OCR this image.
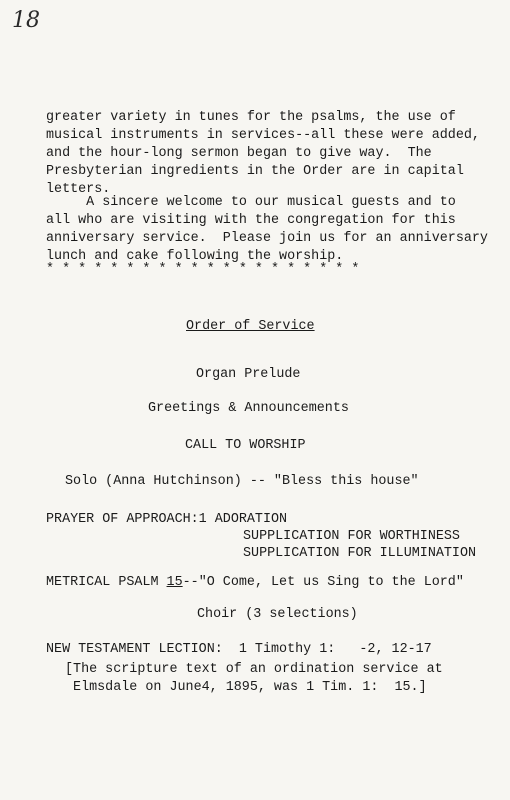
18

greater variety in tunes for the psalms, the use of
musical instruments in services--all these were added,
and the hour-long sermon began to give way.  The
Presbyterian ingredients in the Order are in capital
letters.
A sincere welcome to our musical guests and to
all who are visiting with the congregation for this
anniversary service.  Please join us for an anniversary
lunch and cake following the worship.
* * * * * * * * * * * * * * * * * * * *
Order of Service
Organ Prelude
Greetings & Announcements
CALL TO WORSHIP
Solo (Anna Hutchinson) -- "Bless this house"
PRAYER OF APPROACH:1 ADORATION
SUPPLICATION FOR WORTHINESS
SUPPLICATION FOR ILLUMINATION
METRICAL PSALM 15--"O Come, Let us Sing to the Lord"
Choir (3 selections)
NEW TESTAMENT LECTION:  1 Timothy 1:   -2, 12-17
[The scripture text of an ordination service at
Elmsdale on June4, 1895, was 1 Tim. 1:  15.]
